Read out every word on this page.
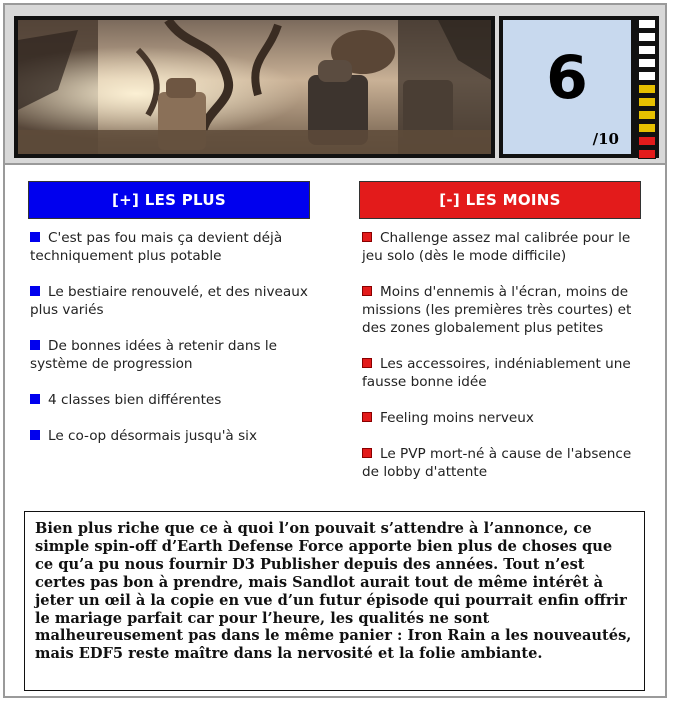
6
/10
[+] LES PLUS	[-] LES MOINS
C'est pas fou mais ça devient déjà techniquement plus potable
Le bestiaire renouvelé, et des niveaux plus variés
De bonnes idées à retenir dans le système de progression
4 classes bien différentes
Le co-op désormais jusqu'à six
Challenge assez mal calibrée pour le jeu solo (dès le mode difficile)
Moins d'ennemis à l'écran, moins de missions (les premières très courtes) et des zones globalement plus petites
Les accessoires, indéniablement une fausse bonne idée
Feeling moins nerveux
Le PVP mort-né à cause de l'absence de lobby d'attente
Bien plus riche que ce à quoi l’on pouvait s’attendre à l’annonce, ce simple spin-off d’Earth Defense Force apporte bien plus de choses que ce qu’a pu nous fournir D3 Publisher depuis des années. Tout n’est certes pas bon à prendre, mais Sandlot aurait tout de même intérêt à jeter un œil à la copie en vue d’un futur épisode qui pourrait enfin offrir le mariage parfait car pour l’heure, les qualités ne sont malheureusement pas dans le même panier : Iron Rain a les nouveautés, mais EDF5 reste maître dans la nervosité et la folie ambiante.
